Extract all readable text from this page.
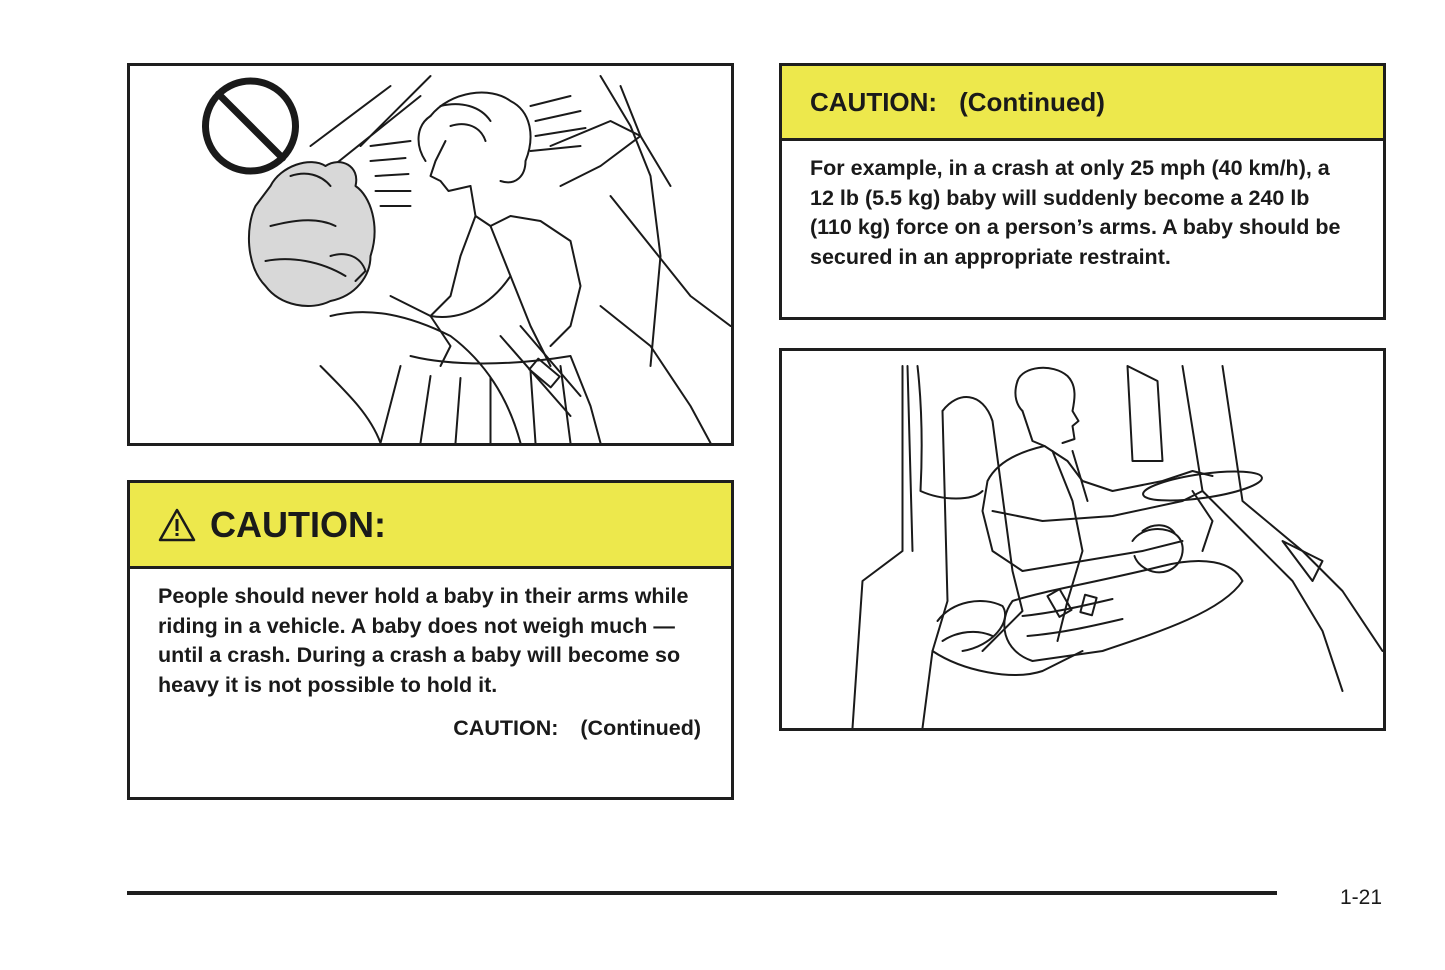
CAUTION:
People should never hold a baby in their arms while riding in a vehicle. A baby does not weigh much — until a crash. During a crash a baby will become so heavy it is not possible to hold it.
CAUTION: (Continued)
CAUTION: (Continued)
For example, in a crash at only 25 mph (40 km/h), a 12 lb (5.5 kg) baby will suddenly become a 240 lb (110 kg) force on a person’s arms. A baby should be secured in an appropriate restraint.
1-21
